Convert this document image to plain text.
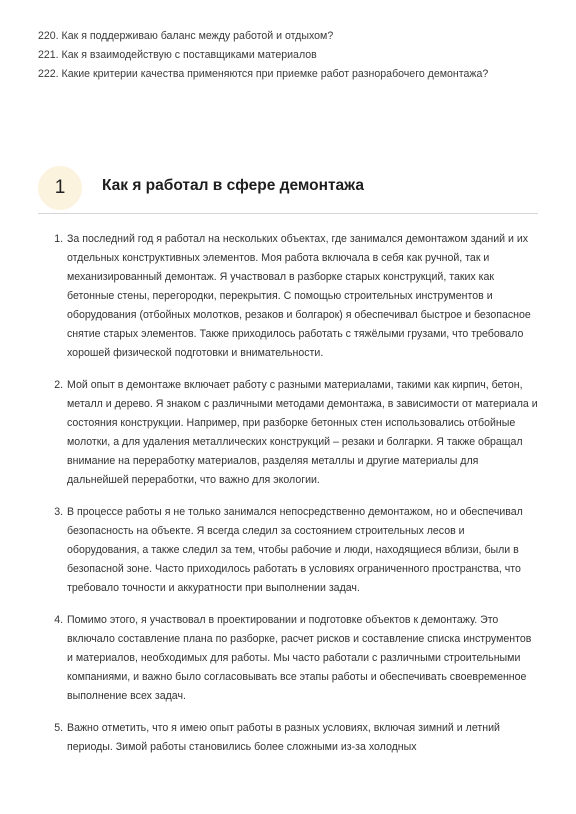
220. Как я поддерживаю баланс между работой и отдыхом?
221. Как я взаимодействую с поставщиками материалов
222. Какие критерии качества применяются при приемке работ разнорабочего демонтажа?
1	Как я работал в сфере демонтажа
1. За последний год я работал на нескольких объектах, где занимался демонтажом зданий и их отдельных конструктивных элементов. Моя работа включала в себя как ручной, так и механизированный демонтаж. Я участвовал в разборке старых конструкций, таких как бетонные стены, перегородки, перекрытия. С помощью строительных инструментов и оборудования (отбойных молотков, резаков и болгарок) я обеспечивал быстрое и безопасное снятие старых элементов. Также приходилось работать с тяжёлыми грузами, что требовало хорошей физической подготовки и внимательности.
2. Мой опыт в демонтаже включает работу с разными материалами, такими как кирпич, бетон, металл и дерево. Я знаком с различными методами демонтажа, в зависимости от материала и состояния конструкции. Например, при разборке бетонных стен использовались отбойные молотки, а для удаления металлических конструкций – резаки и болгарки. Я также обращал внимание на переработку материалов, разделяя металлы и другие материалы для дальнейшей переработки, что важно для экологии.
3. В процессе работы я не только занимался непосредственно демонтажом, но и обеспечивал безопасность на объекте. Я всегда следил за состоянием строительных лесов и оборудования, а также следил за тем, чтобы рабочие и люди, находящиеся вблизи, были в безопасной зоне. Часто приходилось работать в условиях ограниченного пространства, что требовало точности и аккуратности при выполнении задач.
4. Помимо этого, я участвовал в проектировании и подготовке объектов к демонтажу. Это включало составление плана по разборке, расчет рисков и составление списка инструментов и материалов, необходимых для работы. Мы часто работали с различными строительными компаниями, и важно было согласовывать все этапы работы и обеспечивать своевременное выполнение всех задач.
5. Важно отметить, что я имею опыт работы в разных условиях, включая зимний и летний периоды. Зимой работы становились более сложными из-за холодных
